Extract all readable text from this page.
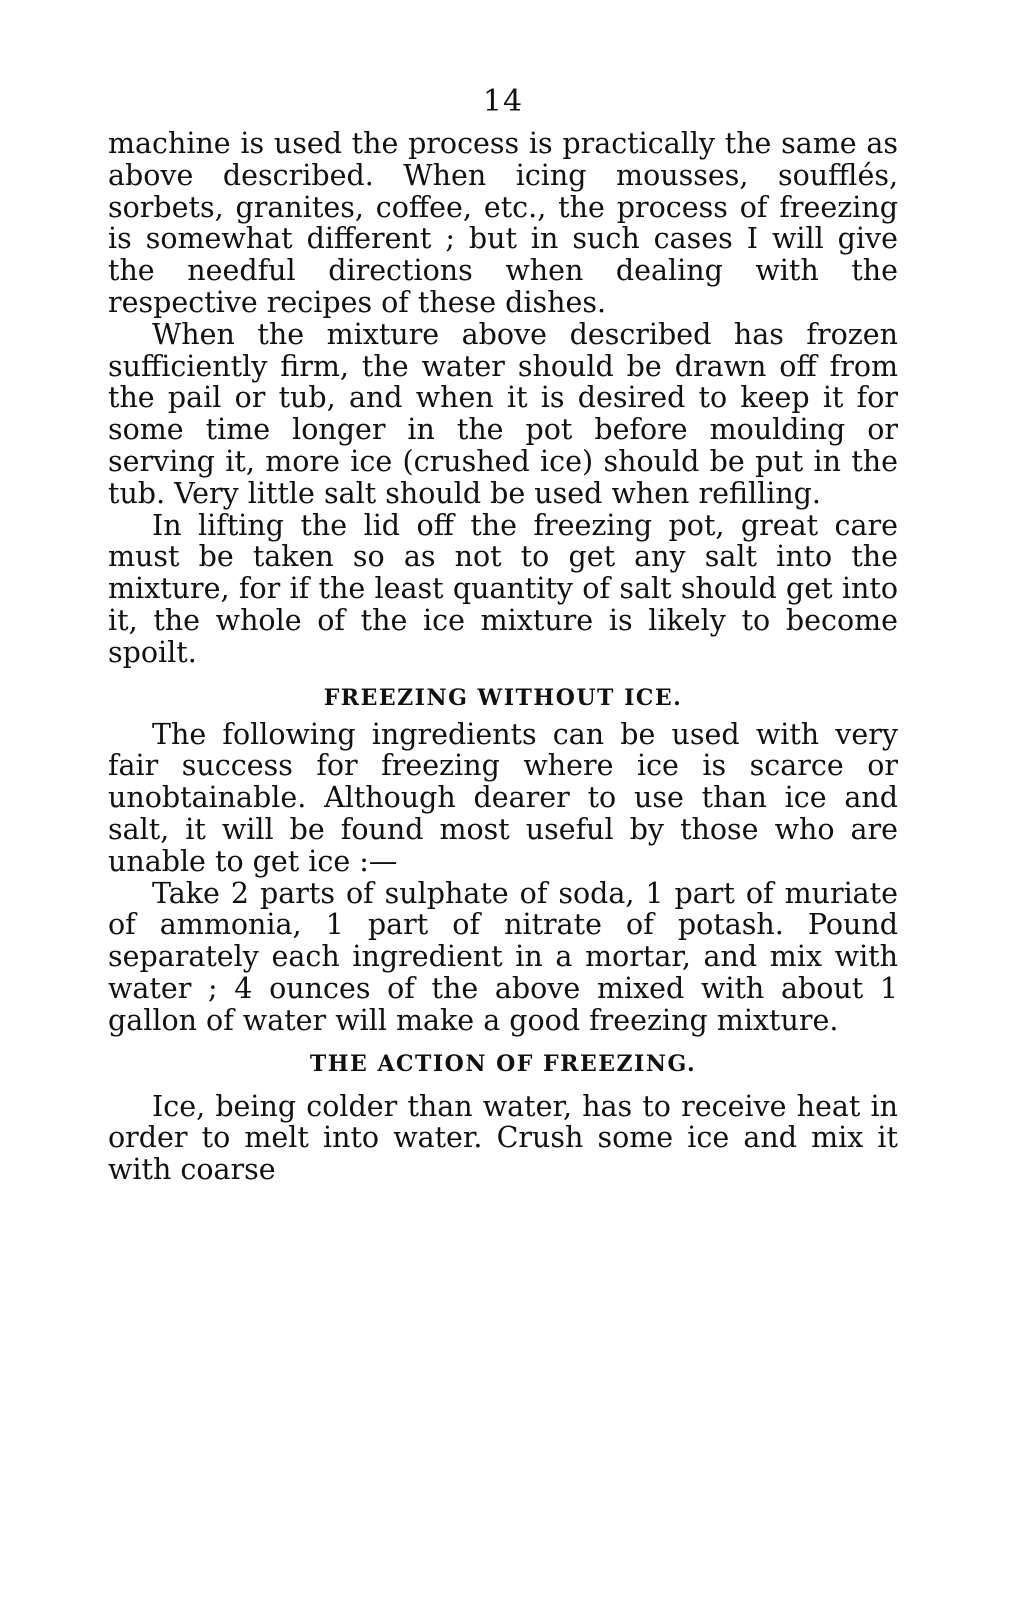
14

machine is used the process is practically the same as above described. When icing mousses, soufflés, sorbets, granites, coffee, etc., the process of freezing is somewhat different ; but in such cases I will give the needful directions when dealing with the respective recipes of these dishes.

When the mixture above described has frozen sufficiently firm, the water should be drawn off from the pail or tub, and when it is desired to keep it for some time longer in the pot before moulding or serving it, more ice (crushed ice) should be put in the tub. Very little salt should be used when refilling.

In lifting the lid off the freezing pot, great care must be taken so as not to get any salt into the mixture, for if the least quantity of salt should get into it, the whole of the ice mixture is likely to become spoilt.

FREEZING WITHOUT ICE.

The following ingredients can be used with very fair success for freezing where ice is scarce or unobtainable. Although dearer to use than ice and salt, it will be found most useful by those who are unable to get ice :—

Take 2 parts of sulphate of soda, 1 part of muriate of ammonia, 1 part of nitrate of potash. Pound separately each ingredient in a mortar, and mix with water ; 4 ounces of the above mixed with about 1 gallon of water will make a good freezing mixture.

THE ACTION OF FREEZING.

Ice, being colder than water, has to receive heat in order to melt into water. Crush some ice and mix it with coarse
